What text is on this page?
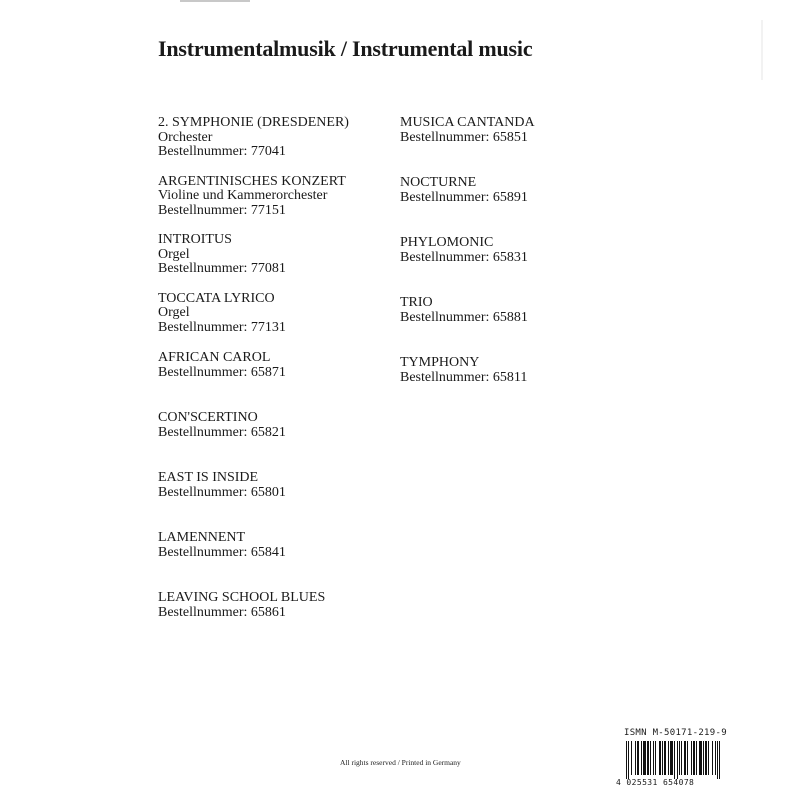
Instrumentalmusik / Instrumental music
2. SYMPHONIE (DRESDENER)
Orchester
Bestellnummer: 77041
ARGENTINISCHES KONZERT
Violine und Kammerorchester
Bestellnummer: 77151
INTROITUS
Orgel
Bestellnummer: 77081
TOCCATA LYRICO
Orgel
Bestellnummer: 77131
AFRICAN CAROL
Bestellnummer: 65871
CON'SCERTINO
Bestellnummer: 65821
EAST IS INSIDE
Bestellnummer: 65801
LAMENNENT
Bestellnummer: 65841
LEAVING SCHOOL BLUES
Bestellnummer: 65861
MUSICA CANTANDA
Bestellnummer: 65851
NOCTURNE
Bestellnummer: 65891
PHYLOMONIC
Bestellnummer: 65831
TRIO
Bestellnummer: 65881
TYMPHONY
Bestellnummer: 65811
All rights reserved / Printed in Germany
ISMN M-50171-219-9
4 025531 654078
